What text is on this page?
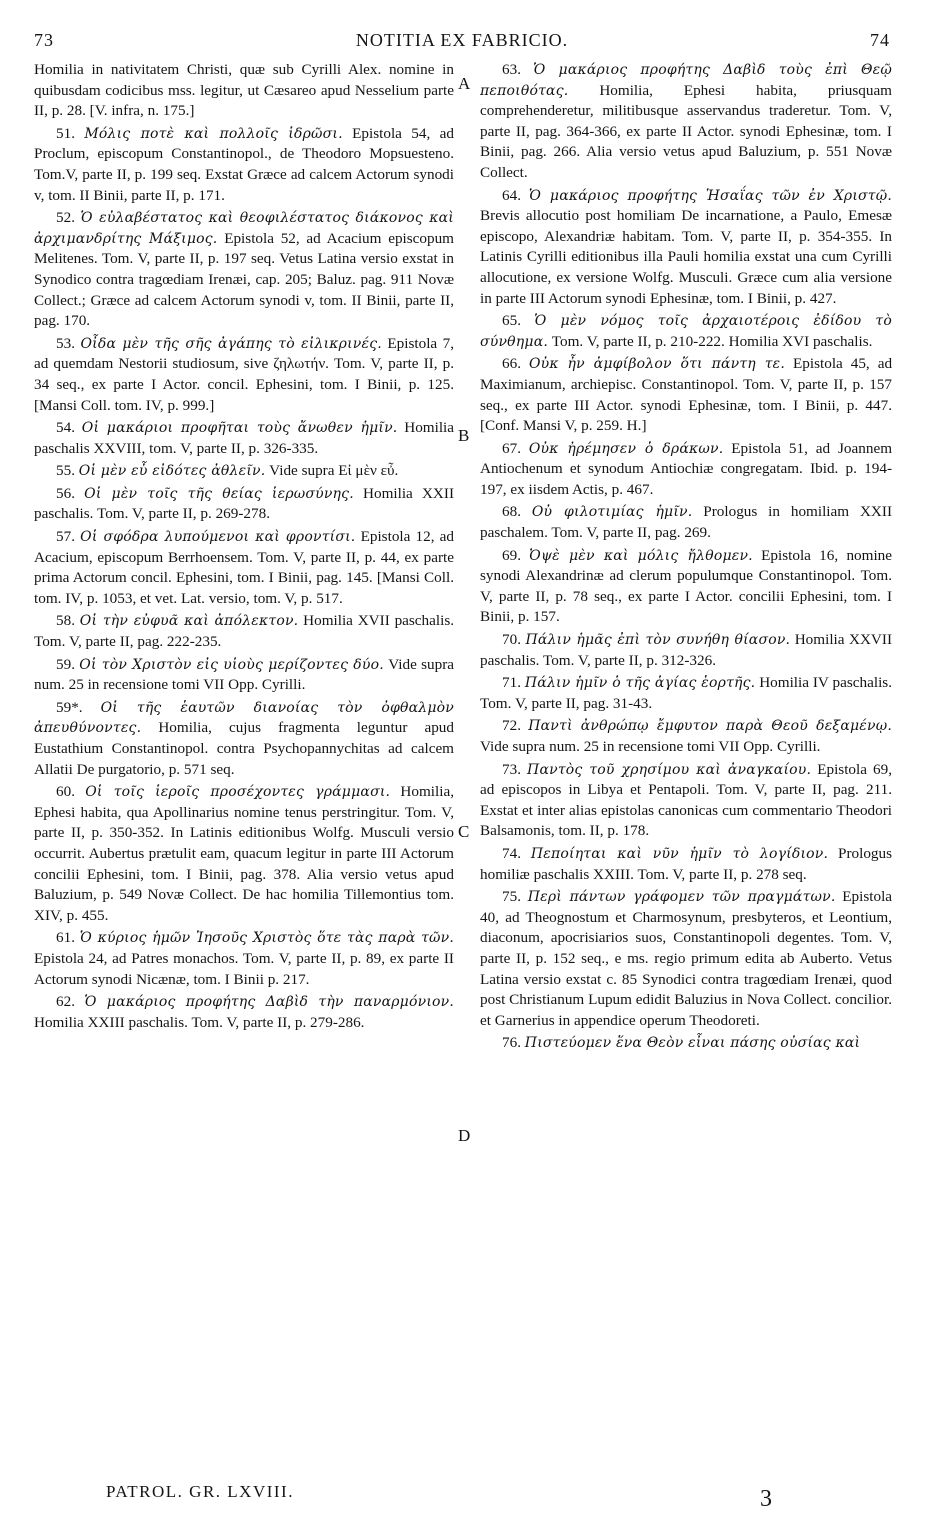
73	NOTITIA EX FABRICIO.	74

Homilia in nativitatem Christi, quæ sub Cyrilli Alex. nomine in quibusdam codicibus mss. legitur, ut Cæsareo apud Nesselium parte II, p. 28. [V. infra, n. 175.]

51. Μόλις ποτὲ καὶ πολλοῖς ἱδρῶσι. Epistola 54, ad Proclum, episcopum Constantinopol., de Theodoro Mopsuesteno. Tom.V, parte II, p. 199 seq. Exstat Græce ad calcem Actorum synodi v, tom. II Binii, parte II, p. 171.

52. Ὁ εὐλαβέστατος καὶ θεοφιλέστατος διάκονος καὶ ἀρχιμανδρίτης Μάξιμος. Epistola 52, ad Acacium episcopum Melitenes. Tom. V, parte II, p. 197 seq. Vetus Latina versio exstat in Synodico contra tragœdiam Irenæi, cap. 205; Baluz. pag. 911 Novæ Collect.; Græce ad calcem Actorum synodi v, tom. II Binii, parte II, pag. 170.

53. Οἶδα μὲν τῆς σῆς ἀγάπης τὸ εἰλικρινές. Epistola 7, ad quemdam Nestorii studiosum, sive ζηλωτήν. Tom. V, parte II, p. 34 seq., ex parte I Actor. concil. Ephesini, tom. I Binii, p. 125. [Mansi Coll. tom. IV, p. 999.]

54. Οἱ μακάριοι προφῆται τοὺς ἄνωθεν ἡμῖν. Homilia paschalis XXVIII, tom. V, parte II, p. 326-335.

55. Οἱ μὲν εὖ εἰδότες ἀθλεῖν. Vide supra Εἰ μὲν εὖ.

56. Οἱ μὲν τοῖς τῆς θείας ἱερωσύνης. Homilia XXII paschalis. Tom. V, parte II, p. 269-278.

57. Οἱ σφόδρα λυπούμενοι καὶ φροντίσι. Epistola 12, ad Acacium, episcopum Berrhoensem. Tom. V, parte II, p. 44, ex parte prima Actorum concil. Ephesini, tom. I Binii, pag. 145. [Mansi Coll. tom. IV, p. 1053, et vet. Lat. versio, tom. V, p. 517.

58. Οἱ τὴν εὐφυᾶ καὶ ἀπόλεκτον. Homilia XVII paschalis. Tom. V, parte II, pag. 222-235.

59. Οἱ τὸν Χριστὸν εἰς υἱοὺς μερίζοντες δύο. Vide supra num. 25 in recensione tomi VII Opp. Cyrilli.

59*. Οἱ τῆς ἑαυτῶν διανοίας τὸν ὀφθαλμὸν ἀπευθύνοντες. Homilia, cujus fragmenta leguntur apud Eustathium Constantinopol. contra Psychopannychitas ad calcem Allatii De purgatorio, p. 571 seq.

60. Οἱ τοῖς ἱεροῖς προσέχοντες γράμμασι. Homilia, Ephesi habita, qua Apollinarius nomine tenus perstringitur. Tom. V, parte II, p. 350-352. In Latinis editionibus Wolfg. Musculi versio occurrit. Aubertus prætulit eam, quacum legitur in parte III Actorum concilii Ephesini, tom. I Binii, pag. 378. Alia versio vetus apud Baluzium, p. 549 Novæ Collect. De hac homilia Tillemontius tom. XIV, p. 455.

61. Ὁ κύριος ἡμῶν Ἰησοῦς Χριστὸς ὅτε τὰς παρὰ τῶν. Epistola 24, ad Patres monachos. Tom. V, parte II, p. 89, ex parte II Actorum synodi Nicænæ, tom. I Binii p. 217.

62. Ὁ μακάριος προφήτης Δαβὶδ τὴν παναρμόνιον. Homilia XXIII paschalis. Tom. V, parte II, p. 279-286.

63. Ὁ μακάριος προφήτης Δαβὶδ τοὺς ἐπὶ Θεῷ πεποιθότας. Homilia, Ephesi habita, priusquam comprehenderetur, militibusque asservandus traderetur. Tom. V, parte II, pag. 364-366, ex parte II Actor. synodi Ephesinæ, tom. I Binii, pag. 266. Alia versio vetus apud Baluzium, p. 551 Novæ Collect.

64. Ὁ μακάριος προφήτης Ἡσαΐας τῶν ἐν Χριστῷ. Brevis allocutio post homiliam De incarnatione, a Paulo, Emesæ episcopo, Alexandriæ habitam. Tom. V, parte II, p. 354-355. In Latinis Cyrilli editionibus illa Pauli homilia exstat una cum Cyrilli allocutione, ex versione Wolfg. Musculi. Græce cum alia versione in parte III Actorum synodi Ephesinæ, tom. I Binii, p. 427.

65. Ὁ μὲν νόμος τοῖς ἀρχαιοτέροις ἐδίδου τὸ σύνθημα. Tom. V, parte II, p. 210-222. Homilia XVI paschalis.

66. Οὐκ ἦν ἀμφίβολον ὅτι πάντη τε. Epistola 45, ad Maximianum, archiepisc. Constantinopol. Tom. V, parte II, p. 157 seq., ex parte III Actor. synodi Ephesinæ, tom. I Binii, p. 447. [Conf. Mansi V, p. 259. H.]

67. Οὐκ ἠρέμησεν ὁ δράκων. Epistola 51, ad Joannem Antiochenum et synodum Antiochiæ congregatam. Ibid. p. 194-197, ex iisdem Actis, p. 467.

68. Οὐ φιλοτιμίας ἡμῖν. Prologus in homiliam XXII paschalem. Tom. V, parte II, pag. 269.

69. Ὀψὲ μὲν καὶ μόλις ἤλθομεν. Epistola 16, nomine synodi Alexandrinæ ad clerum populumque Constantinopol. Tom. V, parte II, p. 78 seq., ex parte I Actor. concilii Ephesini, tom. I Binii, p. 157.

70. Πάλιν ἡμᾶς ἐπὶ τὸν συνήθη θίασον. Homilia XXVII paschalis. Tom. V, parte II, p. 312-326.

71. Πάλιν ἡμῖν ὁ τῆς ἁγίας ἑορτῆς. Homilia IV paschalis. Tom. V, parte II, pag. 31-43.

72. Παντὶ ἀνθρώπῳ ἔμφυτον παρὰ Θεοῦ δεξαμένῳ. Vide supra num. 25 in recensione tomi VII Opp. Cyrilli.

73. Παντὸς τοῦ χρησίμου καὶ ἀναγκαίου. Epistola 69, ad episcopos in Libya et Pentapoli. Tom. V, parte II, pag. 211. Exstat et inter alias epistolas canonicas cum commentario Theodori Balsamonis, tom. II, p. 178.

74. Πεποίηται καὶ νῦν ἡμῖν τὸ λογίδιον. Prologus homiliæ paschalis XXIII. Tom. V, parte II, p. 278 seq.

75. Περὶ πάντων γράφομεν τῶν πραγμάτων. Epistola 40, ad Theognostum et Charmosynum, presbyteros, et Leontium, diaconum, apocrisiarios suos, Constantinopoli degentes. Tom. V, parte II, p. 152 seq., e ms. regio primum edita ab Auberto. Vetus Latina versio exstat c. 85 Synodici contra tragœdiam Irenæi, quod post Christianum Lupum edidit Baluzius in Nova Collect. concilior. et Garnerius in appendice operum Theodoreti.

76. Πιστεύομεν ἕνα Θεὸν εἶναι πάσης οὐσίας καὶ

A
B
C
D
PATROL. GR. LXVIII.	3
